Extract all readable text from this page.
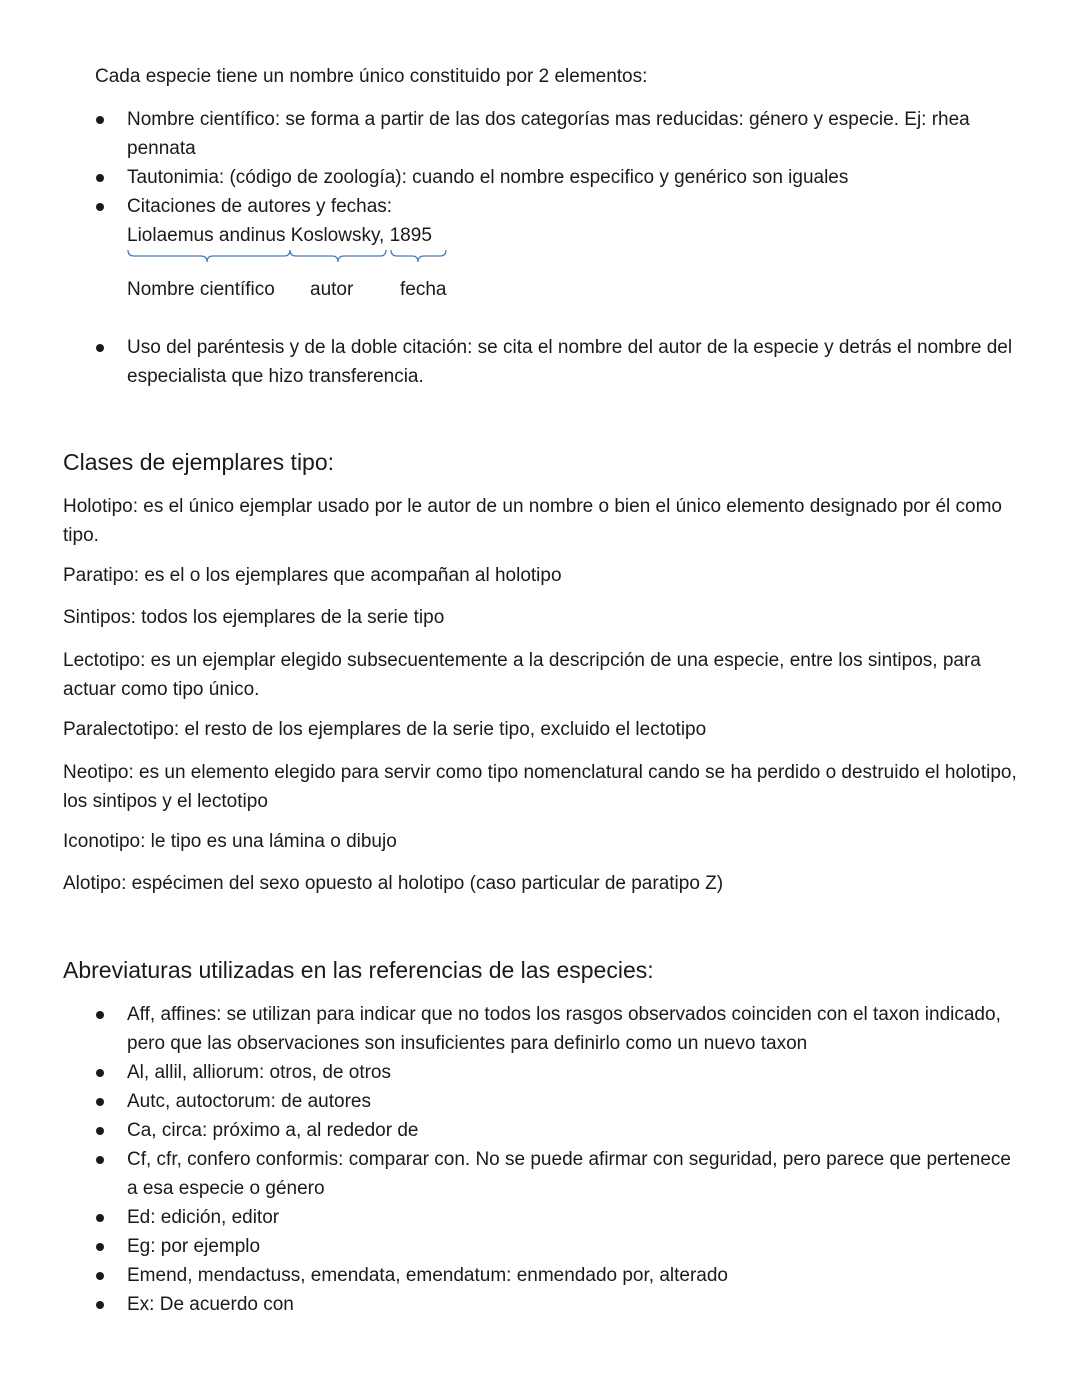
Cada especie tiene un nombre único constituido por 2 elementos:

Nombre científico: se forma a partir de las dos categorías mas reducidas: género y especie. Ej: rhea pennata
Tautonimia: (código de zoología): cuando el nombre especifico y genérico son iguales
Citaciones de autores y fechas:
Liolaemus andinus Koslowsky, 1895
Nombre científico autor fecha
Uso del paréntesis y de la doble citación: se cita el nombre del autor de la especie y detrás el nombre del especialista que hizo transferencia.
Clases de ejemplares tipo:

Holotipo: es el único ejemplar usado por le autor de un nombre o bien el único elemento designado por él como tipo.

Paratipo: es el o los ejemplares que acompañan al holotipo

Sintipos: todos los ejemplares de la serie tipo

Lectotipo: es un ejemplar elegido subsecuentemente a la descripción de una especie, entre los sintipos, para actuar como tipo único.

Paralectotipo: el resto de los ejemplares de la serie tipo, excluido el lectotipo

Neotipo: es un elemento elegido para servir como tipo nomenclatural cando se ha perdido o destruido el holotipo, los sintipos y el lectotipo

Iconotipo: le tipo es una lámina o dibujo

Alotipo: espécimen del sexo opuesto al holotipo (caso particular de paratipo Z)

Abreviaturas utilizadas en las referencias de las especies:
Aff, affines: se utilizan para indicar que no todos los rasgos observados coinciden con el taxon indicado, pero que las observaciones son insuficientes para definirlo como un nuevo taxon
Al, allil, alliorum: otros, de otros
Autc, autoctorum: de autores
Ca, circa: próximo a, al rededor de
Cf, cfr, confero conformis: comparar con. No se puede afirmar con seguridad, pero parece que pertenece a esa especie o género
Ed: edición, editor
Eg: por ejemplo
Emend, mendactuss, emendata, emendatum: enmendado por, alterado
Ex: De acuerdo con
